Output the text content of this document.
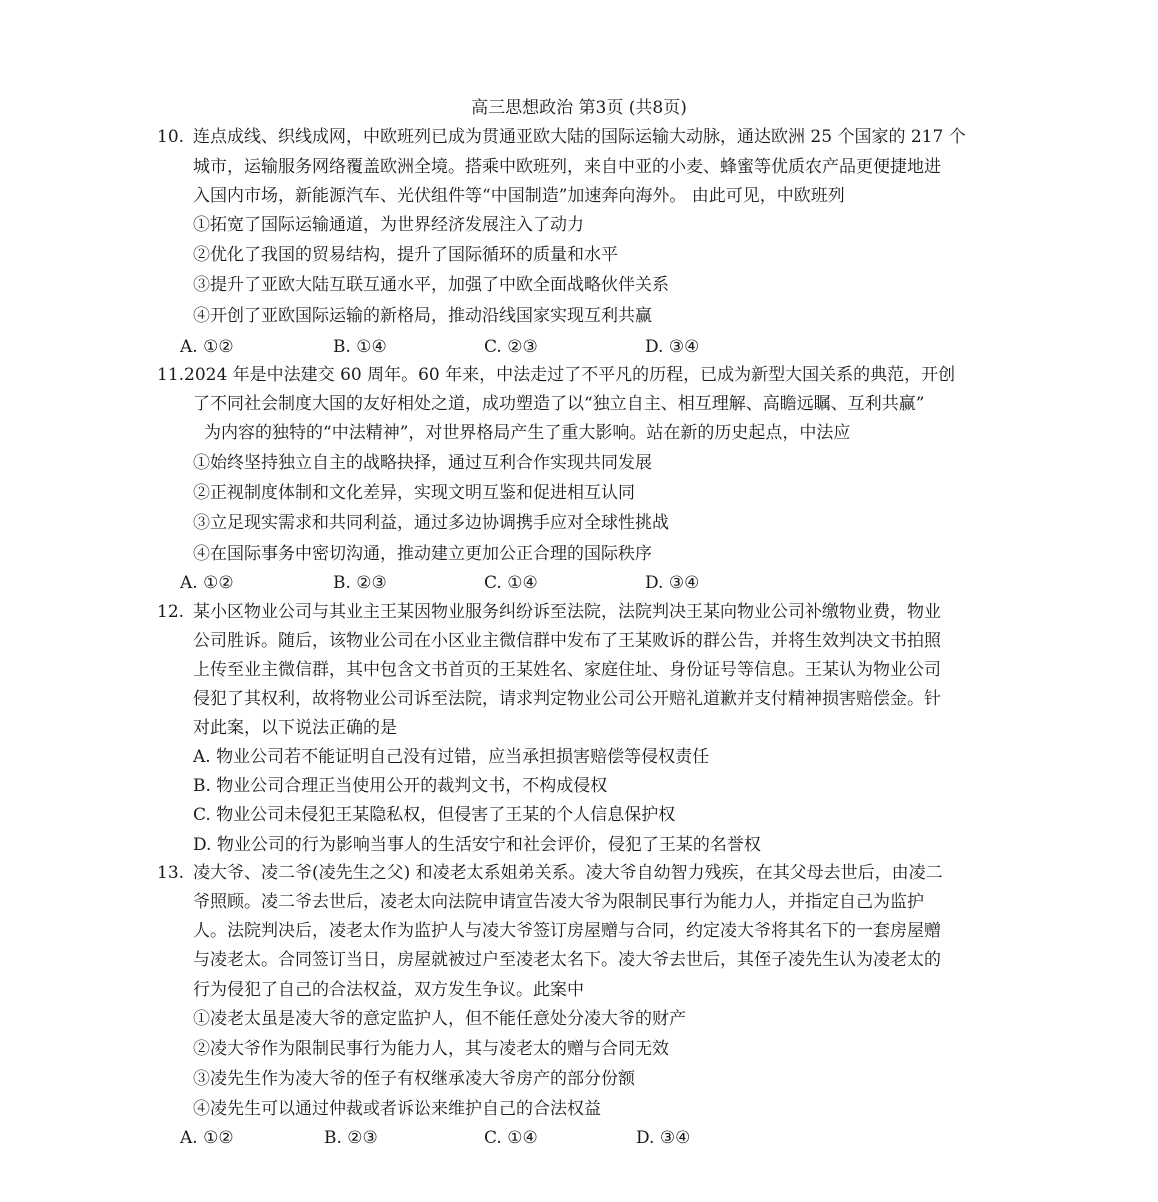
高三思想政治 第3页 (共8页)
10. 连点成线、织线成网，中欧班列已成为贯通亚欧大陆的国际运输大动脉，通达欧洲 25 个国家的 217 个
城市，运输服务网络覆盖欧洲全境。搭乘中欧班列，来自中亚的小麦、蜂蜜等优质农产品更便捷地进
入国内市场，新能源汽车、光伏组件等“中国制造”加速奔向海外。 由此可见，中欧班列
①拓宽了国际运输通道，为世界经济发展注入了动力
②优化了我国的贸易结构，提升了国际循环的质量和水平
③提升了亚欧大陆互联互通水平，加强了中欧全面战略伙伴关系
④开创了亚欧国际运输的新格局，推动沿线国家实现互利共赢
A. ①②	B. ①④	C. ②③	D. ③④
11. 2024 年是中法建交 60 周年。60 年来，中法走过了不平凡的历程，已成为新型大国关系的典范，开创
了不同社会制度大国的友好相处之道，成功塑造了以“独立自主、相互理解、高瞻远瞩、互利共赢”
为内容的独特的“中法精神”，对世界格局产生了重大影响。站在新的历史起点，中法应
①始终坚持独立自主的战略抉择，通过互利合作实现共同发展
②正视制度体制和文化差异，实现文明互鉴和促进相互认同
③立足现实需求和共同利益，通过多边协调携手应对全球性挑战
④在国际事务中密切沟通，推动建立更加公正合理的国际秩序
A. ①②	B. ②③	C. ①④	D. ③④
12. 某小区物业公司与其业主王某因物业服务纠纷诉至法院，法院判决王某向物业公司补缴物业费，物业
公司胜诉。随后，该物业公司在小区业主微信群中发布了王某败诉的群公告，并将生效判决文书拍照
上传至业主微信群，其中包含文书首页的王某姓名、家庭住址、身份证号等信息。王某认为物业公司
侵犯了其权利，故将物业公司诉至法院，请求判定物业公司公开赔礼道歉并支付精神损害赔偿金。针
对此案，以下说法正确的是
A. 物业公司若不能证明自己没有过错，应当承担损害赔偿等侵权责任
B. 物业公司合理正当使用公开的裁判文书，不构成侵权
C. 物业公司未侵犯王某隐私权，但侵害了王某的个人信息保护权
D. 物业公司的行为影响当事人的生活安宁和社会评价，侵犯了王某的名誉权
13. 凌大爷、凌二爷(凌先生之父) 和凌老太系姐弟关系。凌大爷自幼智力残疾，在其父母去世后，由凌二
爷照顾。凌二爷去世后，凌老太向法院申请宣告凌大爷为限制民事行为能力人，并指定自己为监护
人。法院判决后，凌老太作为监护人与凌大爷签订房屋赠与合同，约定凌大爷将其名下的一套房屋赠
与凌老太。合同签订当日，房屋就被过户至凌老太名下。凌大爷去世后，其侄子凌先生认为凌老太的
行为侵犯了自己的合法权益，双方发生争议。此案中
①凌老太虽是凌大爷的意定监护人，但不能任意处分凌大爷的财产
②凌大爷作为限制民事行为能力人，其与凌老太的赠与合同无效
③凌先生作为凌大爷的侄子有权继承凌大爷房产的部分份额
④凌先生可以通过仲裁或者诉讼来维护自己的合法权益
A. ①②	B. ②③	C. ①④	D. ③④
